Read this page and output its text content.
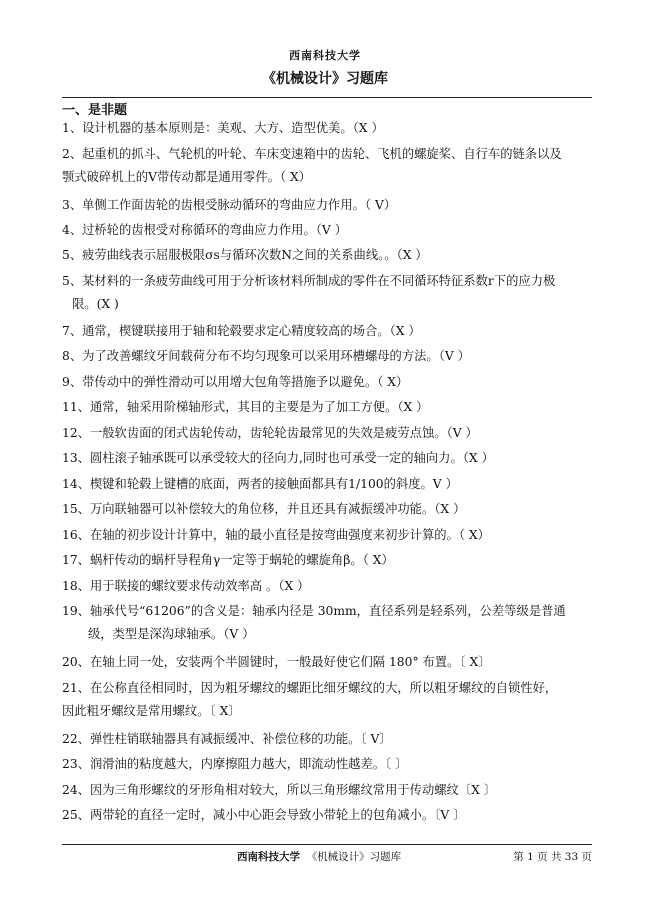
西南科技大学
《机械设计》习题库
一、是非题
1、设计机器的基本原则是：美观、大方、造型优美。（X ）
2、起重机的抓斗、气轮机的叶轮、车床变速箱中的齿轮、飞机的螺旋桨、自行车的链条以及
颚式破碎机上的V带传动都是通用零件。（ X）
3、单侧工作面齿轮的齿根受脉动循环的弯曲应力作用。（ V）
4、过桥轮的齿根受对称循环的弯曲应力作用。（V ）
5、疲劳曲线表示屈服极限σs与循环次数N之间的关系曲线。。（X ）
5、某材料的一条疲劳曲线可用于分析该材料所制成的零件在不同循环特征系数r下的应力极
限。(X )
7、通常，楔键联接用于轴和轮毂要求定心精度较高的场合。（X ）
8、为了改善螺纹牙间载荷分布不均匀现象可以采用环槽螺母的方法。（V ）
9、带传动中的弹性滑动可以用增大包角等措施予以避免。（ X）
11、通常，轴采用阶梯轴形式，其目的主要是为了加工方便。（X ）
12、一般软齿面的闭式齿轮传动，齿轮轮齿最常见的失效是疲劳点蚀。（V ）
13、圆柱滚子轴承既可以承受较大的径向力,同时也可承受一定的轴向力。（X ）
14、楔键和轮毂上键槽的底面，两者的接触面都具有1/100的斜度。V ）
15、万向联轴器可以补偿较大的角位移，并且还具有减振缓冲功能。（X ）
16、在轴的初步设计计算中，轴的最小直径是按弯曲强度来初步计算的。（ X）
17、蜗杆传动的蜗杆导程角γ一定等于蜗轮的螺旋角β。（ X）
18、用于联接的螺纹要求传动效率高 。（X ）
19、轴承代号“61206”的含义是：轴承内径是 30mm，直径系列是轻系列，公差等级是普通
级，类型是深沟球轴承。（V ）
20、在轴上同一处，安装两个半圆键时，一般最好使它们隔 180° 布置。〔 X〕
21、在公称直径相同时，因为粗牙螺纹的螺距比细牙螺纹的大，所以粗牙螺纹的自锁性好，
因此粗牙螺纹是常用螺纹。〔 X〕
22、弹性柱销联轴器具有减振缓冲、补偿位移的功能。〔 V〕
23、润滑油的粘度越大，内摩擦阻力越大，即流动性越差。〔 〕
24、因为三角形螺纹的牙形角相对较大，所以三角形螺纹常用于传动螺纹〔X 〕
25、两带轮的直径一定时，减小中心距会导致小带轮上的包角减小。〔V 〕
西南科技大学 《机械设计》习题库	第 1 页 共 33 页
